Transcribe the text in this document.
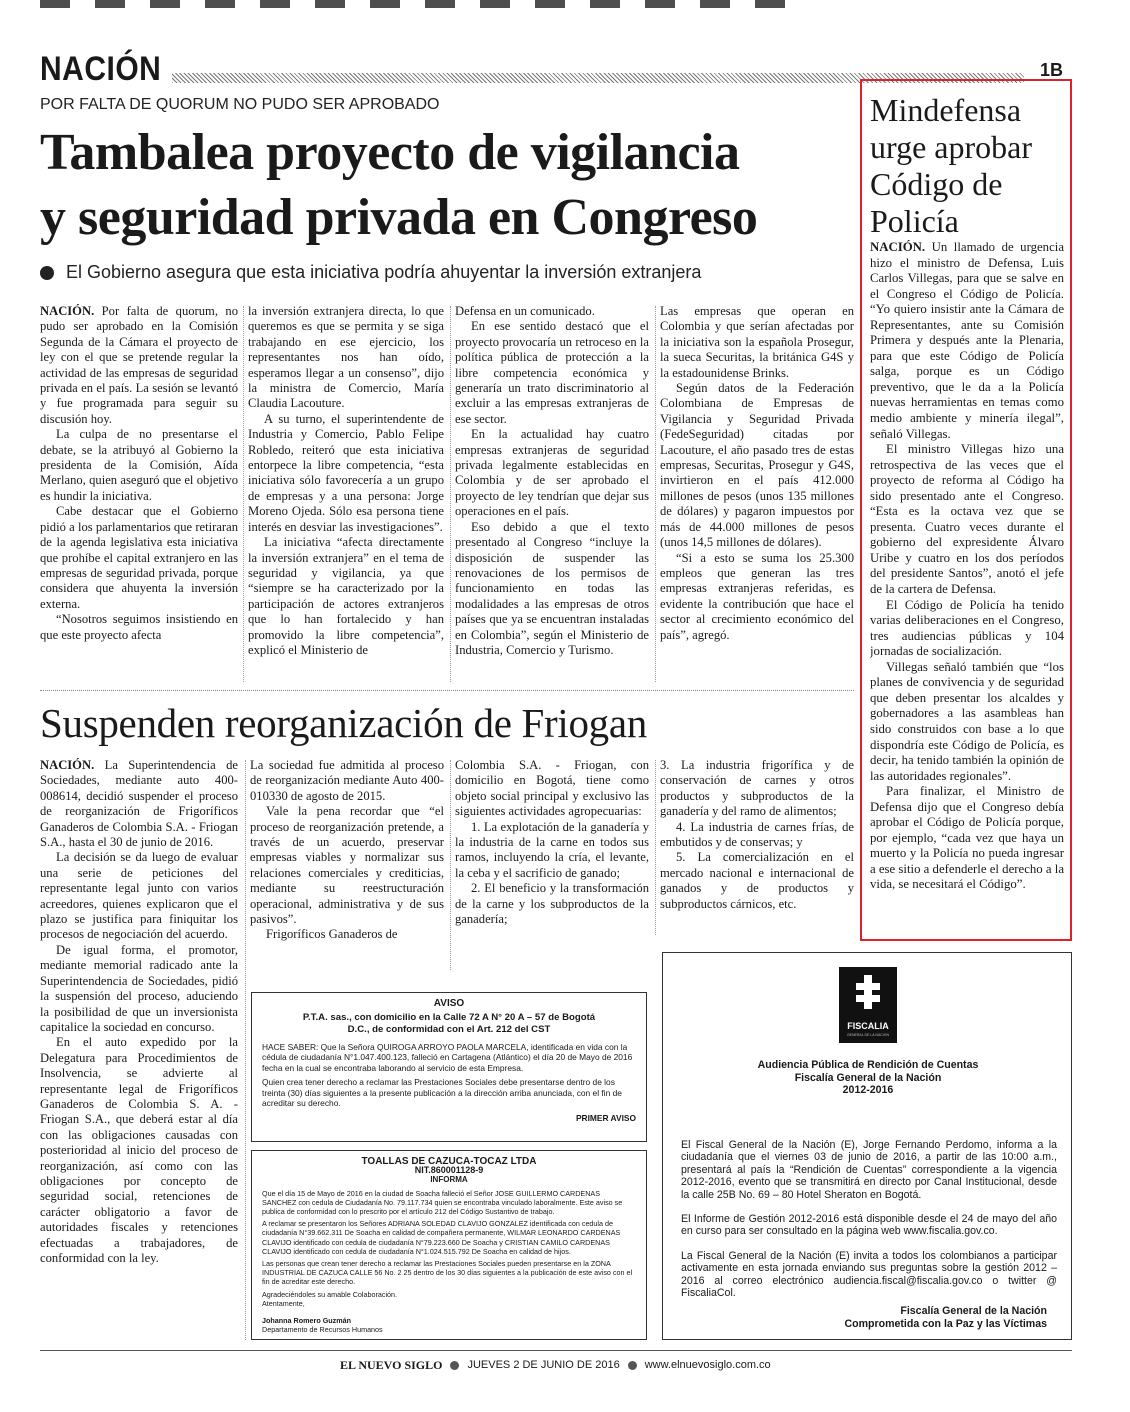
NACIÓN	1B
POR FALTA DE QUORUM NO PUDO SER APROBADO
Tambalea proyecto de vigilancia
y seguridad privada en Congreso
El Gobierno asegura que esta iniciativa podría ahuyentar la inversión extranjera

NACIÓN. Por falta de quorum, no pudo ser aprobado en la Comisión Segunda de la Cámara el proyecto de ley con el que se pretende regular la actividad de las empresas de seguridad privada en el país. La sesión se levantó y fue programada para seguir su discusión hoy.

La culpa de no presentarse el debate, se la atribuyó al Gobierno la presidenta de la Comisión, Aída Merlano, quien aseguró que el objetivo es hundir la iniciativa.

Cabe destacar que el Gobierno pidió a los parlamentarios que retiraran de la agenda legislativa esta iniciativa que prohíbe el capital extranjero en las empresas de seguridad privada, porque considera que ahuyenta la inversión externa.

“Nosotros seguimos insistiendo en que este proyecto afecta

la inversión extranjera directa, lo que queremos es que se permita y se siga trabajando en ese ejercicio, los representantes nos han oído, esperamos llegar a un consenso”, dijo la ministra de Comercio, María Claudia Lacouture.

A su turno, el superintendente de Industria y Comercio, Pablo Felipe Robledo, reiteró que esta iniciativa entorpece la libre competencia, “esta iniciativa sólo favorecería a un grupo de empresas y a una persona: Jorge Moreno Ojeda. Sólo esa persona tiene interés en desviar las investigaciones”.

La iniciativa “afecta directamente la inversión extranjera” en el tema de seguridad y vigilancia, ya que “siempre se ha caracterizado por la participación de actores extranjeros que lo han fortalecido y han promovido la libre competencia”, explicó el Ministerio de

Defensa en un comunicado.

En ese sentido destacó que el proyecto provocaría un retroceso en la política pública de protección a la libre competencia económica y generaría un trato discriminatorio al excluir a las empresas extranjeras de ese sector.

En la actualidad hay cuatro empresas extranjeras de seguridad privada legalmente establecidas en Colombia y de ser aprobado el proyecto de ley tendrían que dejar sus operaciones en el país.

Eso debido a que el texto presentado al Congreso “incluye la disposición de suspender las renovaciones de los permisos de funcionamiento en todas las modalidades a las empresas de otros países que ya se encuentran instaladas en Colombia”, según el Ministerio de Industria, Comercio y Turismo.

Las empresas que operan en Colombia y que serían afectadas por la iniciativa son la española Prosegur, la sueca Securitas, la británica G4S y la estadounidense Brinks.

Según datos de la Federación Colombiana de Empresas de Vigilancia y Seguridad Privada (FedeSeguridad) citadas por Lacouture, el año pasado tres de estas empresas, Securitas, Prosegur y G4S, invirtieron en el país 412.000 millones de pesos (unos 135 millones de dólares) y pagaron impuestos por más de 44.000 millones de pesos (unos 14,5 millones de dólares).

“Si a esto se suma los 25.300 empleos que generan las tres empresas extranjeras referidas, es evidente la contribución que hace el sector al crecimiento económico del país”, agregó.

Mindefensa
urge aprobar
Código de
Policía

NACIÓN. Un llamado de urgencia hizo el ministro de Defensa, Luis Carlos Villegas, para que se salve en el Congreso el Código de Policía. “Yo quiero insistir ante la Cámara de Representantes, ante su Comisión Primera y después ante la Plenaria, para que este Código de Policía salga, porque es un Código preventivo, que le da a la Policía nuevas herramientas en temas como medio ambiente y minería ilegal”, señaló Villegas.

El ministro Villegas hizo una retrospectiva de las veces que el proyecto de reforma al Código ha sido presentado ante el Congreso. “Esta es la octava vez que se presenta. Cuatro veces durante el gobierno del expresidente Álvaro Uribe y cuatro en los dos períodos del presidente Santos”, anotó el jefe de la cartera de Defensa.

El Código de Policía ha tenido varias deliberaciones en el Congreso, tres audiencias públicas y 104 jornadas de socialización.

Villegas señaló también que “los planes de convivencia y de seguridad que deben presentar los alcaldes y gobernadores a las asambleas han sido construidos con base a lo que dispondría este Código de Policía, es decir, ha tenido también la opinión de las autoridades regionales”.

Para finalizar, el Ministro de Defensa dijo que el Congreso debía aprobar el Código de Policía porque, por ejemplo, “cada vez que haya un muerto y la Policía no pueda ingresar a ese sitio a defenderle el derecho a la vida, se necesitará el Código”.

Suspenden reorganización de Friogan

NACIÓN. La Superintendencia de Sociedades, mediante auto 400-008614, decidió suspender el proceso de reorganización de Frigoríficos Ganaderos de Colombia S.A. - Friogan S.A., hasta el 30 de junio de 2016.

La decisión se da luego de evaluar una serie de peticiones del representante legal junto con varios acreedores, quienes explicaron que el plazo se justifica para finiquitar los procesos de negociación del acuerdo.

De igual forma, el promotor, mediante memorial radicado ante la Superintendencia de Sociedades, pidió la suspensión del proceso, aduciendo la posibilidad de que un inversionista capitalice la sociedad en concurso.

En el auto expedido por la Delegatura para Procedimientos de Insolvencia, se advierte al representante legal de Frigoríficos Ganaderos de Colombia S. A. - Friogan S.A., que deberá estar al día con las obligaciones causadas con posterioridad al inicio del proceso de reorganización, así como con las obligaciones por concepto de seguridad social, retenciones de carácter obligatorio a favor de autoridades fiscales y retenciones efectuadas a trabajadores, de conformidad con la ley.

La sociedad fue admitida al proceso de reorganización mediante Auto 400-010330 de agosto de 2015.

Vale la pena recordar que “el proceso de reorganización pretende, a través de un acuerdo, preservar empresas viables y normalizar sus relaciones comerciales y crediticias, mediante su reestructuración operacional, administrativa y de sus pasivos”.

Frigoríficos Ganaderos de

Colombia S.A. - Friogan, con domicilio en Bogotá, tiene como objeto social principal y exclusivo las siguientes actividades agropecuarias:

1. La explotación de la ganadería y la industria de la carne en todos sus ramos, incluyendo la cría, el levante, la ceba y el sacrificio de ganado;

2. El beneficio y la transformación de la carne y los subproductos de la ganadería;

3. La industria frigorífica y de conservación de carnes y otros productos y subproductos de la ganadería y del ramo de alimentos;

4. La industria de carnes frías, de embutidos y de conservas; y

5. La comercialización en el mercado nacional e internacional de ganados y de productos y subproductos cárnicos, etc.

AVISO
P.T.A. sas., con domicilio en la Calle 72 A N° 20 A – 57 de Bogotá D.C., de conformidad con el Art. 212 del CST
HACE SABER: Que la Señora QUIROGA ARROYO PAOLA MARCELA, identificada en vida con la cédula de ciudadanía N°1.047.400.123, falleció en Cartagena (Atlántico) el día 20 de Mayo de 2016 fecha en la cual se encontraba laborando al servicio de esta Empresa.
Quien crea tener derecho a reclamar las Prestaciones Sociales debe presentarse dentro de los treinta (30) días siguientes a la presente publicación a la dirección arriba anunciada, con el fin de acreditar su derecho.
PRIMER AVISO
TOALLAS DE CAZUCA-TOCAZ LTDA
NIT.860001128-9
INFORMA
Que el día 15 de Mayo de 2016 en la ciudad de Soacha falleció el Señor JOSE GUILLERMO CARDENAS SANCHEZ con cedula de Ciudadanía No. 79.117.734 quien se encontraba vinculado laboralmente. Este aviso se publica de conformidad con lo prescrito por el artículo 212 del Código Sustantivo de trabajo.
A reclamar se presentaron los Señores ADRIANA SOLEDAD CLAVIJO GONZALEZ identificada con cedula de ciudadanía N°39.662.311 De Soacha en calidad de compañera permanente, WILMAR LEONARDO CARDENAS CLAVIJO identificado con cedula de ciudadanía N°79.223.660 De Soacha y CRISTIAN CAMILO CARDENAS CLAVIJO identificado con cedula de ciudadanía N°1.024.515.792 De Soacha en calidad de hijos.
Las personas que crean tener derecho a reclamar las Prestaciones Sociales pueden presentarse en la ZONA INDUSTRIAL DE CAZUCA CALLE 56 No. 2 25 dentro de los 30 días siguientes a la publicación de este aviso con el fin de acreditar este derecho.
Agradeciéndoles su amable Colaboración.
Atentamente,
Johanna Romero Guzmán
Departamento de Recursos Humanos
FISCALIA
GENERAL DE LA NACION
Audiencia Pública de Rendición de Cuentas
Fiscalía General de la Nación
2012-2016

El Fiscal General de la Nación (E), Jorge Fernando Perdomo, informa a la ciudadanía que el viernes 03 de junio de 2016, a partir de las 10:00 a.m., presentará al país la “Rendición de Cuentas” correspondiente a la vigencia 2012-2016, evento que se transmitirá en directo por Canal Institucional, desde la calle 25B No. 69 – 80 Hotel Sheraton en Bogotá.

El Informe de Gestión 2012-2016 está disponible desde el 24 de mayo del año en curso para ser consultado en la página web www.fiscalia.gov.co.

La Fiscal General de la Nación (E) invita a todos los colombianos a participar activamente en esta jornada enviando sus preguntas sobre la gestión 2012 – 2016 al correo electrónico audiencia.fiscal@fiscalia.gov.co o twitter @ FiscaliaCol.

Fiscalía General de la Nación
Comprometida con la Paz y las Víctimas
EL NUEVO SIGLO JUEVES 2 DE JUNIO DE 2016 www.elnuevosiglo.com.co
